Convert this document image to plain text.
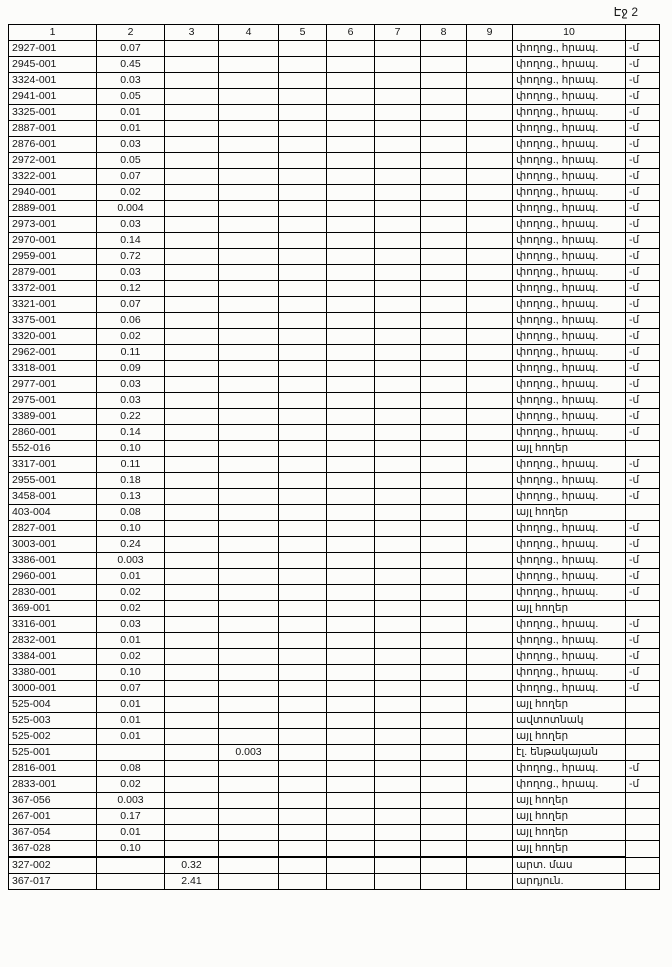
Էջ 2
1	2	3	4	5	6	7	8	9	10	
2927-001	0.07								փողոց., հրապ.	-մ
2945-001	0.45								փողոց., հրապ.	-մ
3324-001	0.03								փողոց., հրապ.	-մ
2941-001	0.05								փողոց., հրապ.	-մ
3325-001	0.01								փողոց., հրապ.	-մ
2887-001	0.01								փողոց., հրապ.	-մ
2876-001	0.03								փողոց., հրապ.	-մ
2972-001	0.05								փողոց., հրապ.	-մ
3322-001	0.07								փողոց., հրապ.	-մ
2940-001	0.02								փողոց., հրապ.	-մ
2889-001	0.004								փողոց., հրապ.	-մ
2973-001	0.03								փողոց., հրապ.	-մ
2970-001	0.14								փողոց., հրապ.	-մ
2959-001	0.72								փողոց., հրապ.	-մ
2879-001	0.03								փողոց., հրապ.	-մ
3372-001	0.12								փողոց., հրապ.	-մ
3321-001	0.07								փողոց., հրապ.	-մ
3375-001	0.06								փողոց., հրապ.	-մ
3320-001	0.02								փողոց., հրապ.	-մ
2962-001	0.11								փողոց., հրապ.	-մ
3318-001	0.09								փողոց., հրապ.	-մ
2977-001	0.03								փողոց., հրապ.	-մ
2975-001	0.03								փողոց., հրապ.	-մ
3389-001	0.22								փողոց., հրապ.	-մ
2860-001	0.14								փողոց., հրապ.	-մ
552-016	0.10								այլ հողեր	
3317-001	0.11								փողոց., հրապ.	-մ
2955-001	0.18								փողոց., հրապ.	-մ
3458-001	0.13								փողոց., հրապ.	-մ
403-004	0.08								այլ հողեր	
2827-001	0.10								փողոց., հրապ.	-մ
3003-001	0.24								փողոց., հրապ.	-մ
3386-001	0.003								փողոց., հրապ.	-մ
2960-001	0.01								փողոց., հրապ.	-մ
2830-001	0.02								փողոց., հրապ.	-մ
369-001	0.02								այլ հողեր	
3316-001	0.03								փողոց., հրապ.	-մ
2832-001	0.01								փողոց., հրապ.	-մ
3384-001	0.02								փողոց., հրապ.	-մ
3380-001	0.10								փողոց., հրապ.	-մ
3000-001	0.07								փողոց., հրապ.	-մ
525-004	0.01								այլ հողեր	
525-003	0.01								ավտոտնակ	
525-002	0.01								այլ հողեր	
525-001			0.003						էլ. ենթակայան	
2816-001	0.08								փողոց., հրապ.	-մ
2833-001	0.02								փողոց., հրապ.	-մ
367-056	0.003								այլ հողեր	
267-001	0.17								այլ հողեր	
367-054	0.01								այլ հողեր	
367-028	0.10								այլ հողեր	
327-002		0.32							արտ. մաս	
367-017		2.41							արդյուն.	
